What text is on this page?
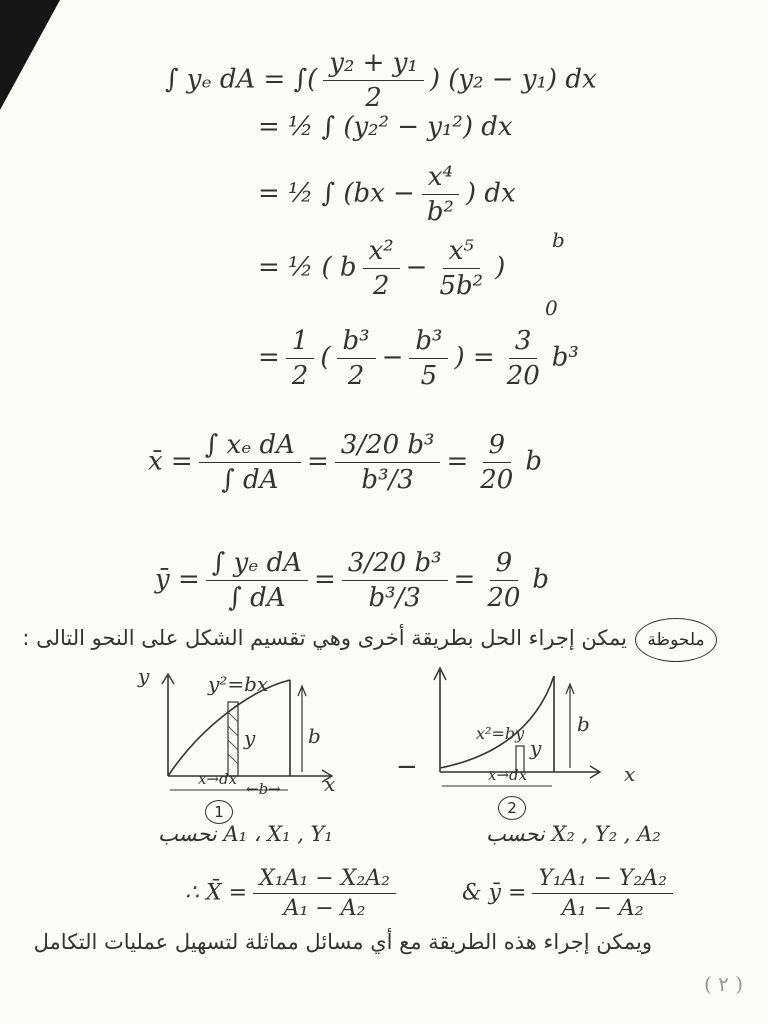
∫ yₑ dA = ∫( $\frac{\text{y₂ + y₁}}{2}$ ) (y₂ − y₁) dx
= ½ ∫ (y₂² − y₁²) dx
= ½ ∫ ($bx - \frac{\text{x⁴}}{\text{b²}}$ ) dx
= ½ ( b $\frac{\text{x²}}{2} - \frac{\text{x⁵}}{\text{5b²}}$ )
b
0
= $\frac{1}{2}$ ( $\frac{\text{b³}}{2} - \frac{\text{b³}}{5}$ ) = $\frac{3}{20} b^3$
x̄ = $\frac{\text{∫ xₑ dA}}{\int dA} = \frac{\text{3/20 b³}}{\text{b³/3}} = \frac{9}{20}$ b
ȳ = $\frac{\text{∫ yₑ dA}}{\int dA} = \frac{\text{3/20 b³}}{\text{b³/3}} = \frac{9}{20}$ b
ملحوظة
يمكن إجراء الحل بطريقة أخرى وهي تقسيم الشكل على النحو التالى :
y
x
y²=bx
y	b
x→dx
←b→
1
نحسب A₁ ، X₁ , Y₁
−	x
x²=by
y
b
x→dx
2
نحسب X₂ , Y₂ , A₂
∴ X̄ = $\frac{\text{X₁A₁ − X₂A₂}}{\text{A₁ − A₂}}$	& ȳ = $\frac{\text{Y₁A₁ − Y₂A₂}}{\text{A₁ − A₂}}$
ويمكن إجراء هذه الطريقة مع أي مسائل مماثلة لتسهيل عمليات التكامل
( ٢ )
